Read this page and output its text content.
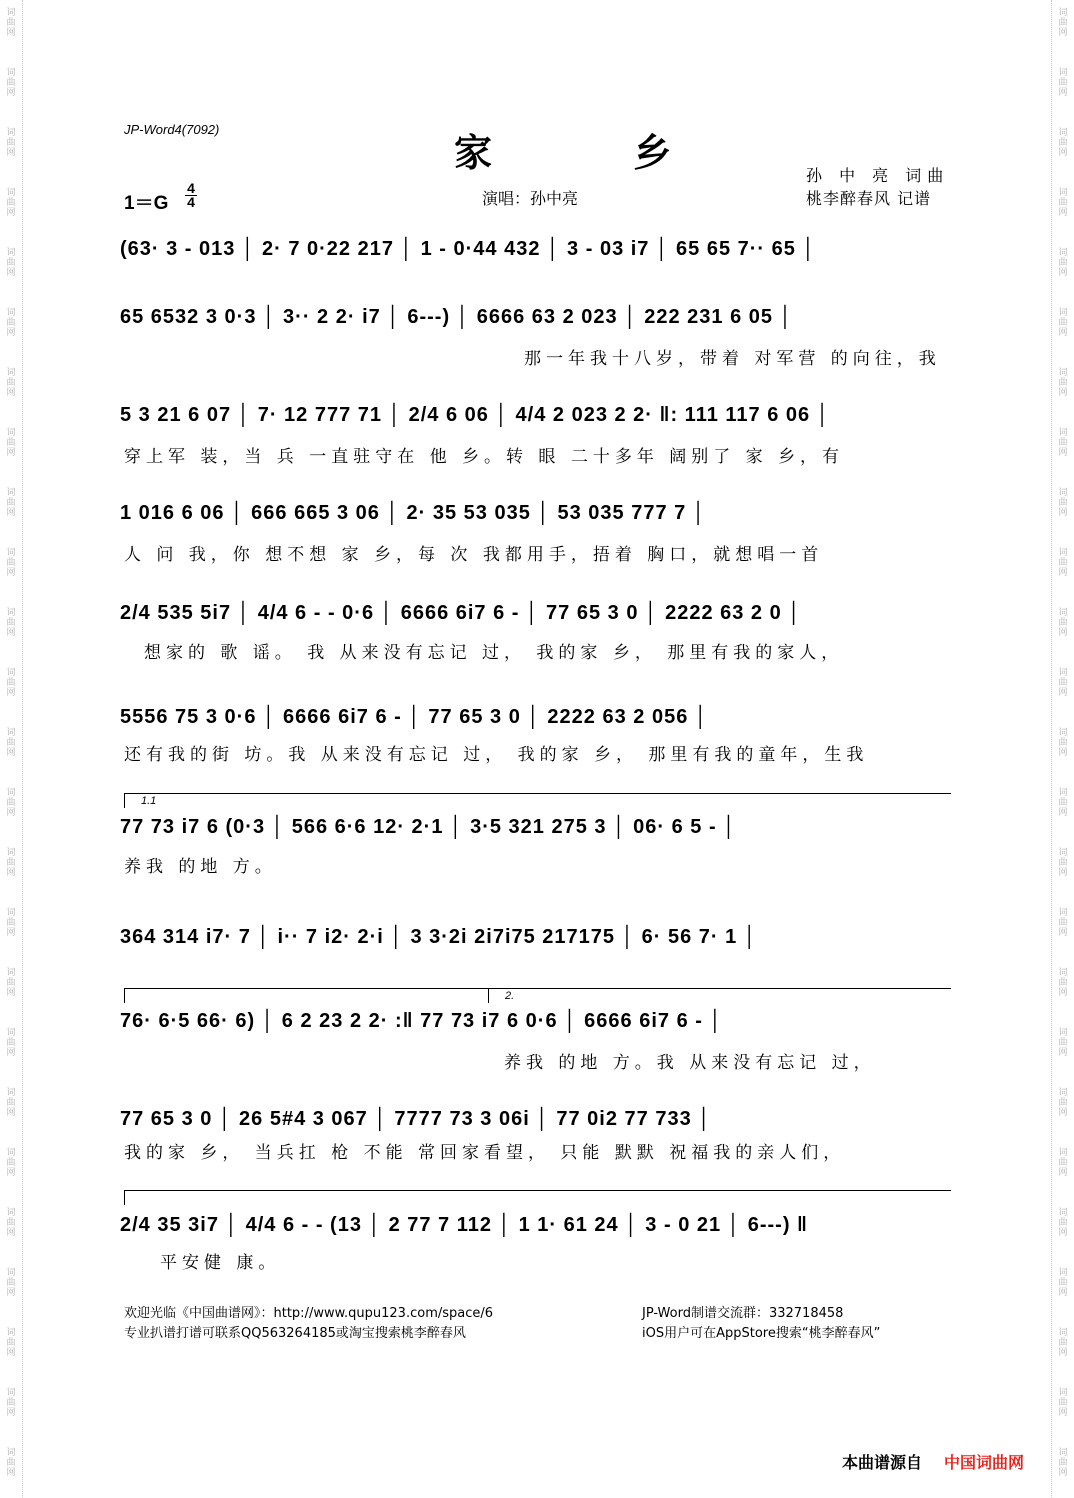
词曲网
词曲网
词曲网
词曲网
词曲网
词曲网
词曲网
词曲网
词曲网
词曲网
词曲网
词曲网
词曲网
词曲网
词曲网
词曲网
词曲网
词曲网
词曲网
词曲网
词曲网
词曲网
词曲网
词曲网
词曲网
词曲网
词曲网
词曲网
词曲网
词曲网
词曲网
词曲网
词曲网
词曲网
词曲网
词曲网
词曲网
词曲网
词曲网
词曲网
词曲网
词曲网
词曲网
词曲网
词曲网
词曲网
词曲网
词曲网
词曲网
词曲网
JP-Word4(7092)
家 乡
孙 中 亮 词曲
桃李醉春风 记谱
演唱：孙中亮
1＝G
4
4
(63· 3 - 013 │ 2· 7 0·22 217 │ 1 - 0·44 432 │ 3 - 03 i7 │ 65 65 7·· 65 │
65 6532 3 0·3 │ 3·· 2 2· i7 │ 6---) │ 6666 63 2 023 │ 222 231 6 05 │
那一年我十八岁，带着 对军营 的向往，我
5 3 21 6 07 │ 7· 12 777 71 │ 2/4 6 06 │ 4/4 2 023 2 2· ‖: 111 117 6 06 │
穿上军 装，当 兵 一直驻守在 他 乡。转 眼 二十多年 阔别了 家 乡，有
1 016 6 06 │ 666 665 3 06 │ 2· 35 53 035 │ 53 035 777 7 │
人 问 我，你 想不想 家 乡，每 次 我都用手，捂着 胸口，就想唱一首
2/4 535 5i7 │ 4/4 6 - - 0·6 │ 6666 6i7 6 - │ 77 65 3 0 │ 2222 63 2 0 │
想家的 歌 谣。 我 从来没有忘记 过， 我的家 乡， 那里有我的家人，
5556 75 3 0·6 │ 6666 6i7 6 - │ 77 65 3 0 │ 2222 63 2 056 │
还有我的街 坊。我 从来没有忘记 过， 我的家 乡， 那里有我的童年，生我
1.1
77 73 i7 6 (0·3 │ 566 6·6 12· 2·1 │ 3·5 321 275 3 │ 06· 6 5 - │
养我 的地 方。
364 314 i7· 7 │ i·· 7 i2· 2·i │ 3 3·2i 2i7i75 217175 │ 6· 56 7· 1 │
2.
76· 6·5 66· 6) │ 6 2 23 2 2· :‖ 77 73 i7 6 0·6 │ 6666 6i7 6 - │
养我 的地 方。我 从来没有忘记 过，
77 65 3 0 │ 26 5#4 3 067 │ 7777 73 3 06i │ 77 0i2 77 733 │
我的家 乡， 当兵扛 枪 不能 常回家看望， 只能 默默 祝福我的亲人们，
2/4 35 3i7 │ 4/4 6 - - (13 │ 2 77 7 112 │ 1 1· 61 24 │ 3 - 0 21 │ 6---) ‖
平安健 康。
欢迎光临《中国曲谱网》：http://www.qupu123.com/space/6
专业扒谱打谱可联系QQ563264185或淘宝搜索桃李醉春风
JP-Word制谱交流群：332718458
iOS用户可在AppStore搜索“桃李醉春风”
本曲谱源自 中国词曲网
